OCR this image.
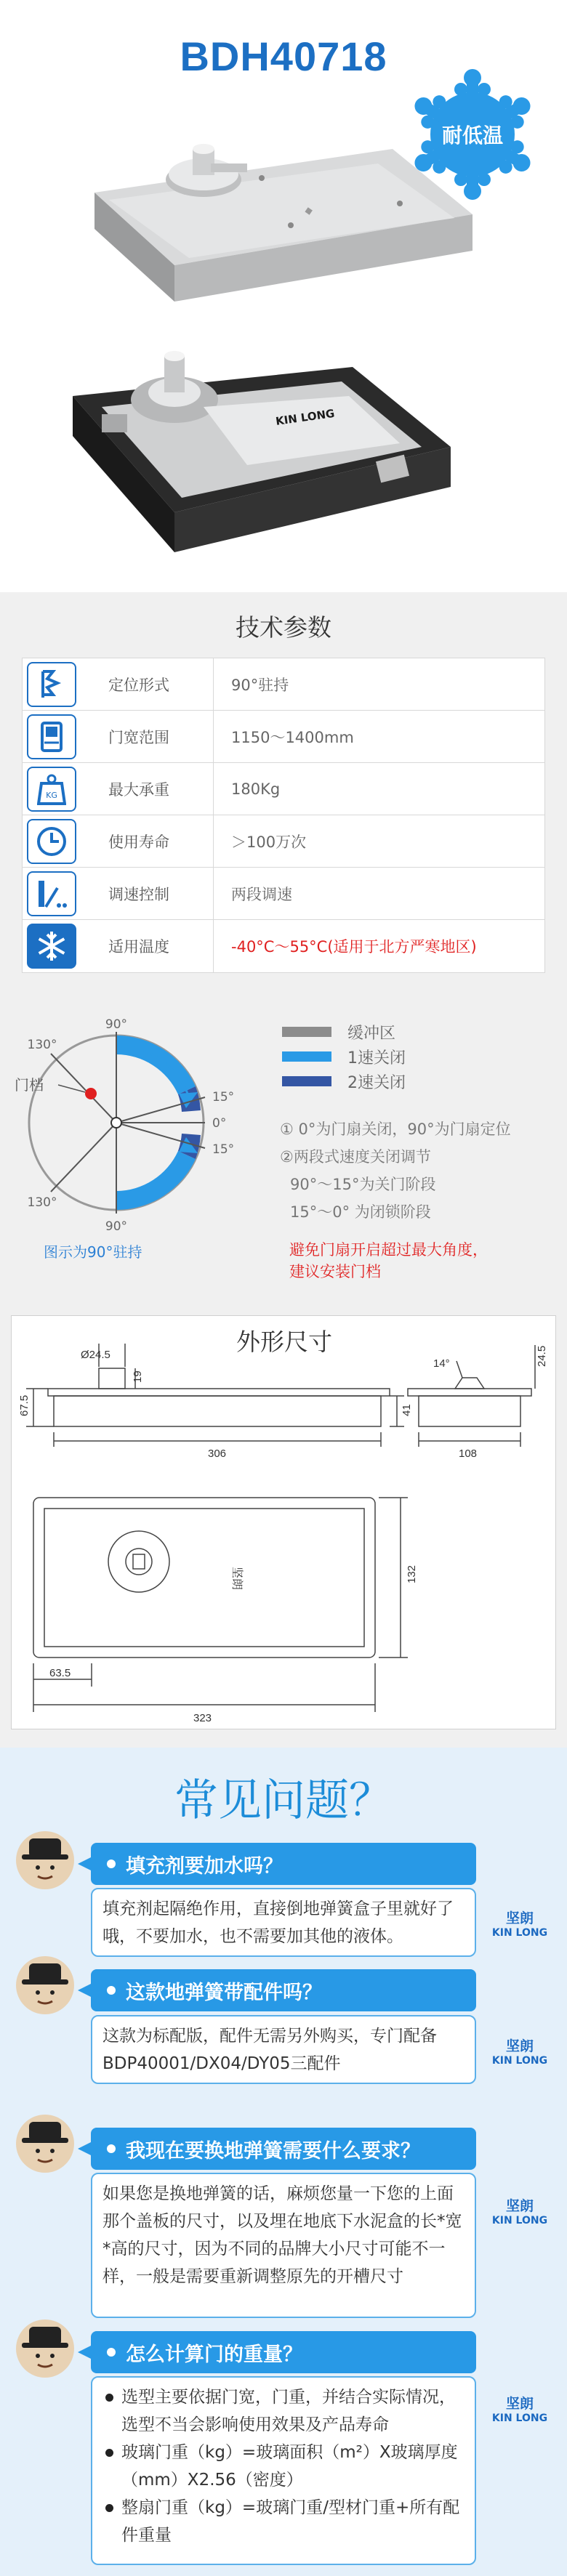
BDH40718
耐低温
◆
KIN LONG
技术参数
定位形式	90°驻持
门宽范围	1150～1400mm
KG	最大承重	180Kg
使用寿命	＞100万次
调速控制	两段调速
适用温度	-40°C～55°C(适用于北方严寒地区)
90°
90°
130°
130°
15°
0°
15°
门档
图示为90°驻持
缓冲区
1速关闭
2速关闭
① 0°为门扇关闭，90°为门扇定位
②两段式速度关闭调节
90°～15°为关门阶段
15°～0° 为闭锁阶段
避免门扇开启超过最大角度，
建议安装门档
外形尺寸
Ø24.5
19
67.5	41
306
14°	24.5
108
132
63.5
323
坚朗
常见问题？
填充剂要加水吗？
坚朗
KIN LONG
填充剂起隔绝作用，直接倒地弹簧盒子里就好了哦，不要加水，也不需要加其他的液体。
这款地弹簧带配件吗？
坚朗
KIN LONG
这款为标配版，配件无需另外购买，专门配备BDP40001/DX04/DY05三配件
我现在要换地弹簧需要什么要求？
坚朗
KIN LONG
如果您是换地弹簧的话，麻烦您量一下您的上面那个盖板的尺寸，以及埋在地底下水泥盒的长*宽*高的尺寸，因为不同的品牌大小尺寸可能不一样，一般是需要重新调整原先的开槽尺寸
怎么计算门的重量？
坚朗
KIN LONG
选型主要依据门宽，门重，并结合实际情况，选型不当会影响使用效果及产品寿命
玻璃门重（kg）=玻璃面积（m²）X玻璃厚度（mm）X2.56（密度）
整扇门重（kg）=玻璃门重/型材门重+所有配件重量
